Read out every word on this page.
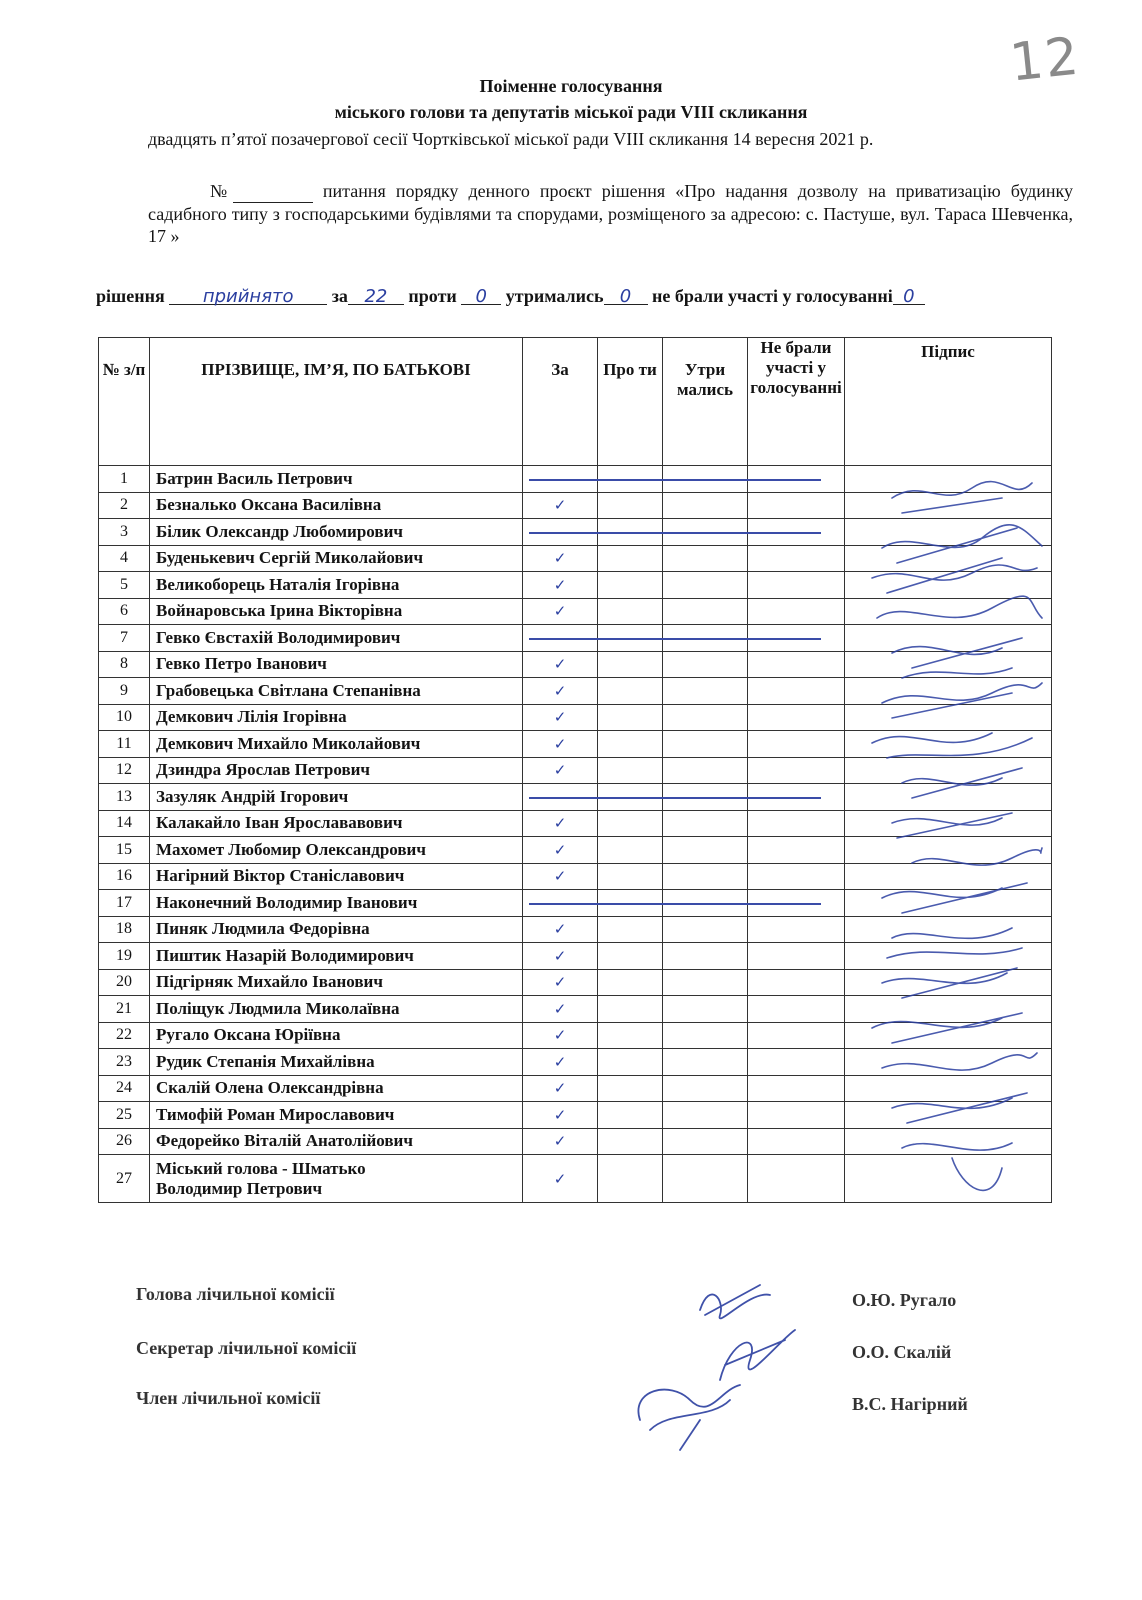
12
Поіменне голосування
міського голови та депутатів міської ради VIII скликання
двадцять п’ятої позачергової сесії Чортківської міської ради VIII скликання 14 вересня 2021 р.
№	питання порядку денного проєкт рішення «Про надання дозволу на приватизацію будинку садибного типу з господарськими будівлями та спорудами, розміщеного за адресою: с. Пастуше, вул. Тараса Шевченка, 17 »
рішення прийнято за 22 проти 0 утримались 0 не брали участі у голосуванні 0
№ з/п	ПРІЗВИЩЕ, ІМ’Я, ПО БАТЬКОВІ	За	Про ти	Утри мались	Не брали участі у голосуванні	Підпис
1	Батрин Василь Петрович					
2	Безналько Оксана Василівна	✓				
3	Білик Олександр Любомирович					
4	Буденькевич Сергій Миколайович	✓				
5	Великоборець Наталія Ігорівна	✓				
6	Войнаровська Ірина Вікторівна	✓				
7	Гевко Євстахій Володимирович					
8	Гевко Петро Іванович	✓				
9	Грабовецька Світлана Степанівна	✓				
10	Демкович Лілія Ігорівна	✓				
11	Демкович Михайло Миколайович	✓				
12	Дзиндра Ярослав Петрович	✓				
13	Зазуляк Андрій Ігорович					
14	Калакайло Іван Ярослававович	✓				
15	Махомет Любомир Олександрович	✓				
16	Нагірний Віктор Станіславович	✓				
17	Наконечний Володимир Іванович					
18	Пиняк Людмила Федорівна	✓				
19	Пиштик Назарій Володимирович	✓				
20	Підгірняк Михайло Іванович	✓				
21	Поліщук Людмила Миколаївна	✓				
22	Ругало Оксана Юріївна	✓				
23	Рудик Степанія Михайлівна	✓				
24	Скалій Олена Олександрівна	✓				
25	Тимофій Роман Мирославович	✓				
26	Федорейко Віталій Анатолійович	✓				
27	Міський голова - Шматько
Володимир Петрович	✓				
Голова лічильної комісії
Секретар лічильної комісії
Член лічильної комісії
О.Ю. Ругало
О.О. Скалій
В.С. Нагірний
